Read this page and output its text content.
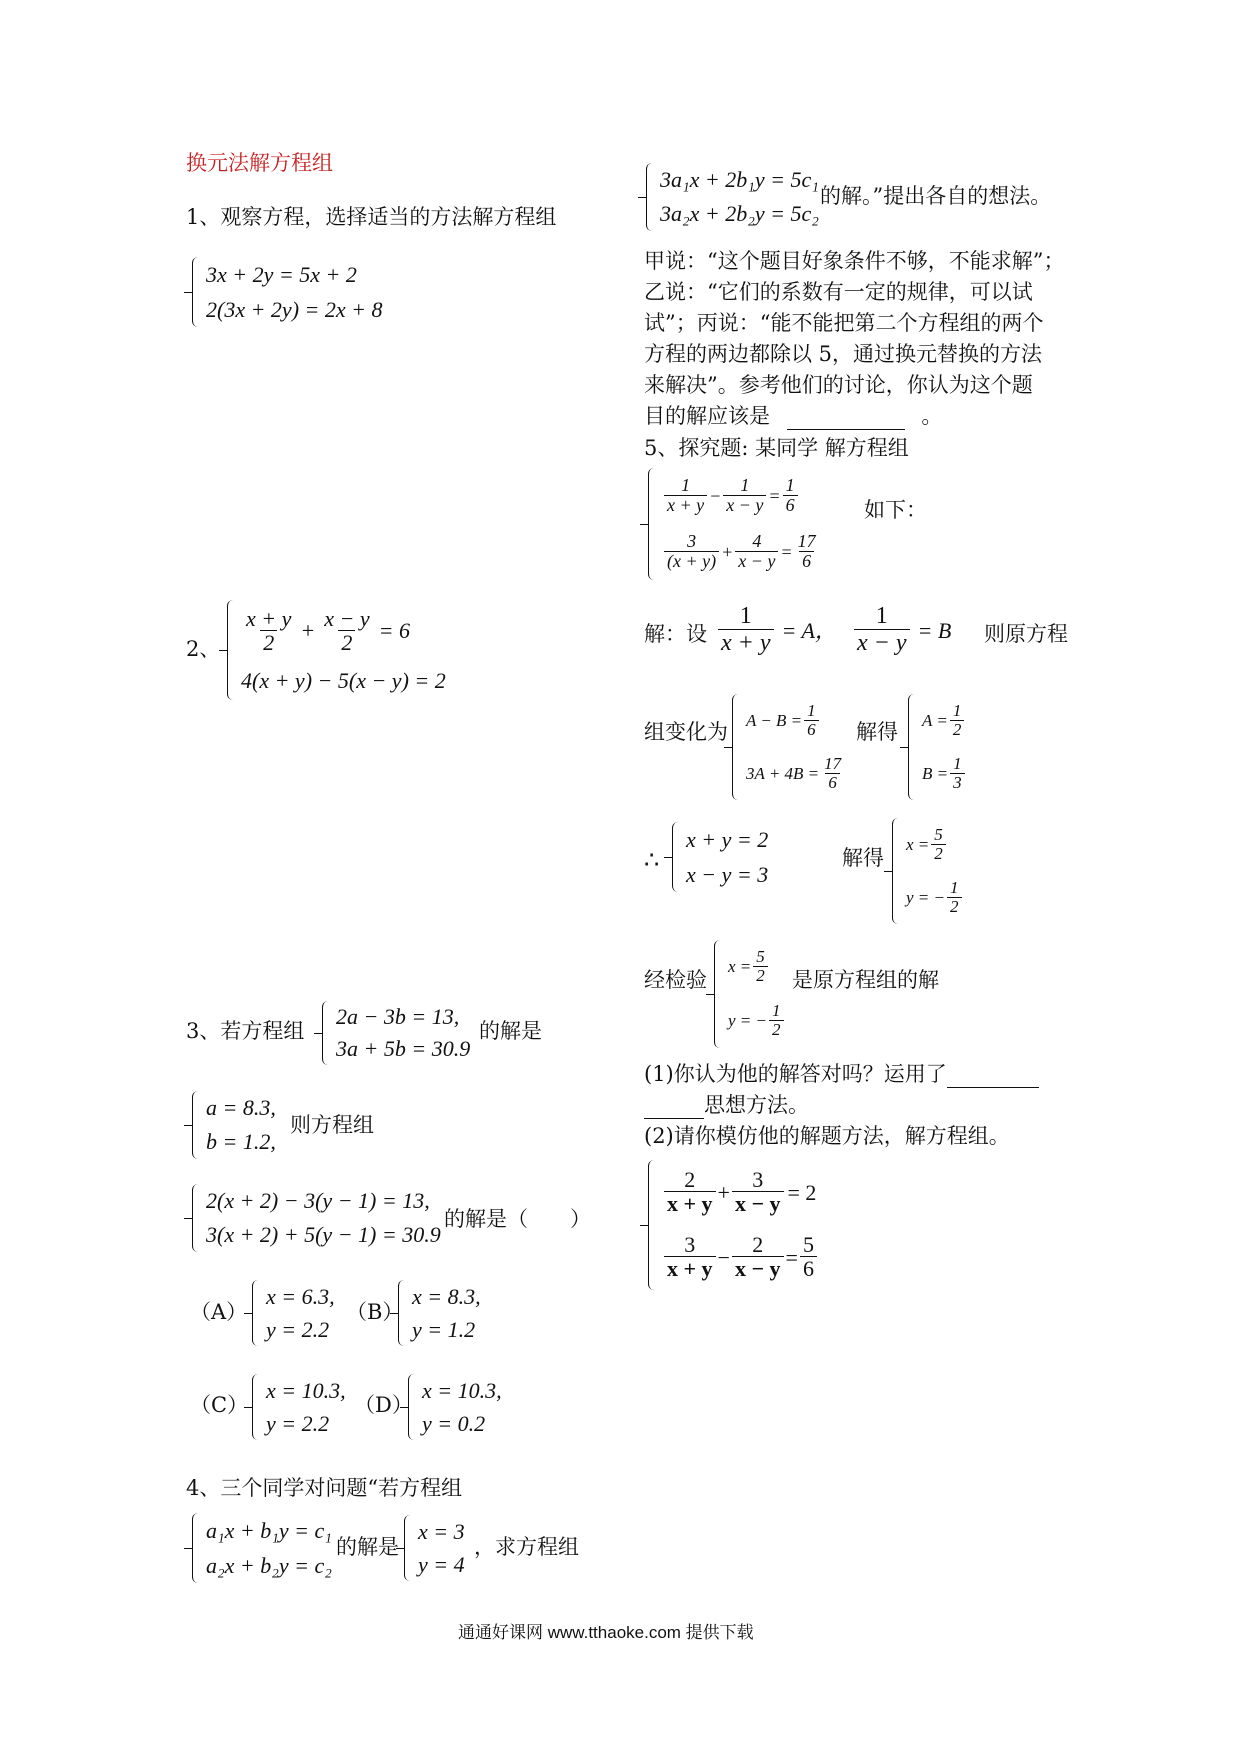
换元法解方程组
1、观察方程，选择适当的方法解方程组
3x + 2y = 5x + 2
2(3x + 2y) = 2x + 8
2、 $\frac{x + y}{2} + \frac{x - y}{2} = 6$
4(x + y) − 5(x − y) = 2
3、若方程组
2a − 3b = 13,
3a + 5b = 30.9
的解是
a = 8.3,
b = 1.2,
则方程组
2(x + 2) − 3(y − 1) = 13,
3(x + 2) + 5(y − 1) = 30.9
的解是（　　）
（A）
x = 6.3,
y = 2.2
（B）
x = 8.3,
y = 1.2
（C）
x = 10.3,
y = 2.2
（D）
x = 10.3,
y = 0.2
4、三个同学对问题“若方程组
a₁x + b₁y = c₁
a₂x + b₂y = c₂
的解是
x = 3
y = 4
，求方程组
3a₁x + 2b₁y = 5c₁
3a₂x + 2b₂y = 5c₂
的解。”提出各自的想法。
甲说：“这个题目好象条件不够，不能求解”；
乙说：“它们的系数有一定的规律，可以试
试”；丙说：“能不能把第二个方程组的两个
方程的两边都除以 5，通过换元替换的方法
来解决”。参考他们的讨论，你认为这个题
目的解应该是	。
5、探究题: 某同学 解方程组
$\frac{1}{x + y} - \frac{1}{x - y} = \frac{1}{6}$
$\frac{3}{(x + y)} + \frac{4}{x - y} = \frac{17}{6}$
如下：
解：设 $\frac{1}{x + y} = A$， $\frac{1}{x - y} = B$ 则原方程
组变化为 $A - B = \frac{1}{6}$
$3A + 4B = \frac{17}{6}$
解得 $A = \frac{1}{2}$
$B = \frac{1}{3}$
∴
x + y = 2
x − y = 3
解得
$x = \frac{5}{2}$
y = − $\frac{1}{2}$
经检验
$x = \frac{5}{2}$
y = − $\frac{1}{2}$
是原方程组的解
(1)你认为他的解答对吗？运用了
思想方法。
(2)请你模仿他的解题方法，解方程组。
$\frac{2}{x + y} + \frac{3}{x - y} = 2$
$\frac{3}{x + y} - \frac{2}{x - y} = \frac{5}{6}$
通通好课网 www.tthaoke.com 提供下载
